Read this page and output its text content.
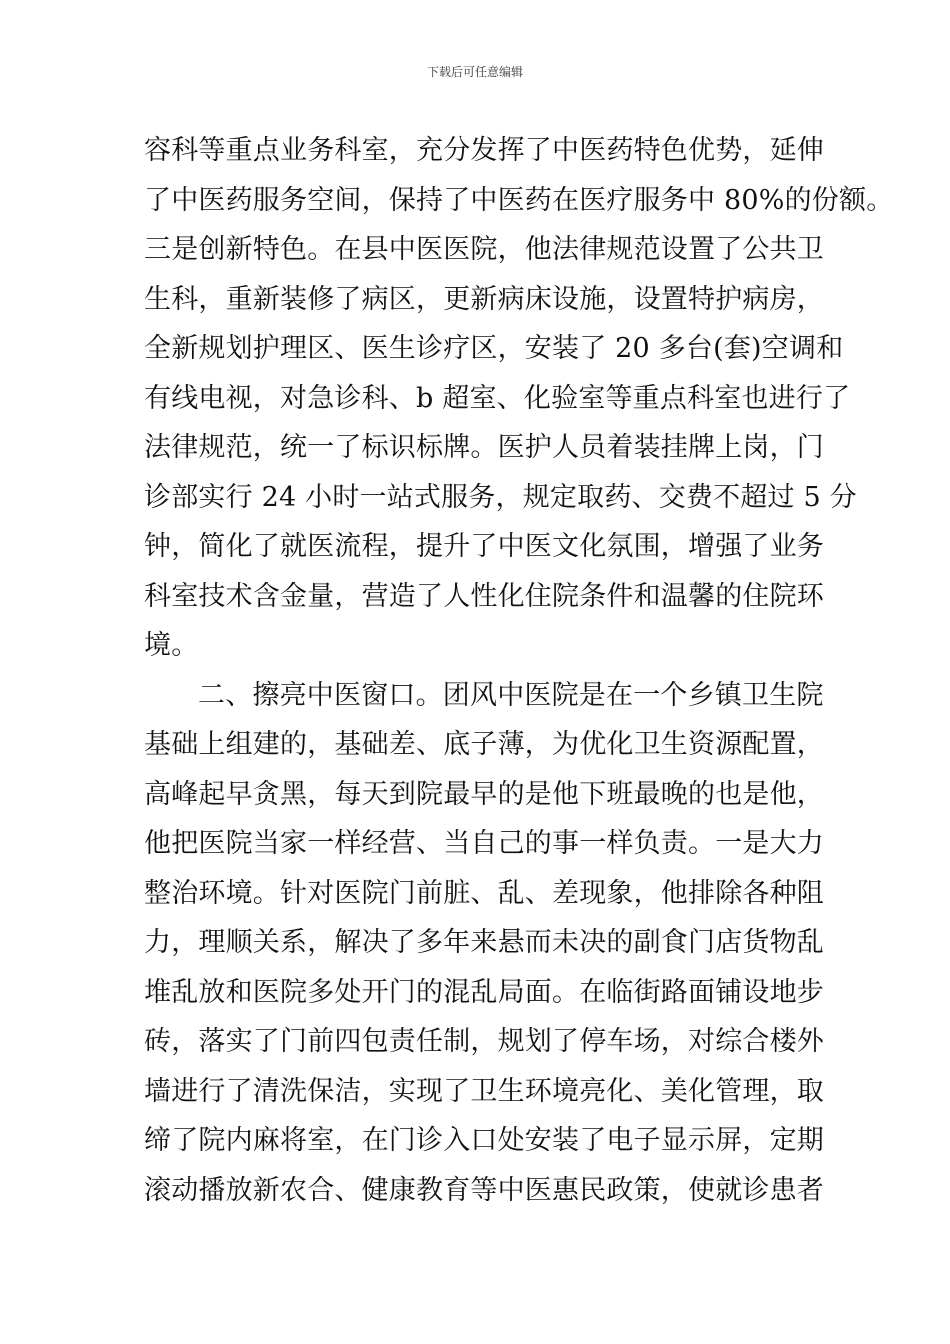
下载后可任意编辑
容科等重点业务科室，充分发挥了中医药特色优势，延伸
了中医药服务空间，保持了中医药在医疗服务中 80%的份额。
三是创新特色。在县中医医院，他法律规范设置了公共卫
生科，重新装修了病区，更新病床设施，设置特护病房，
全新规划护理区、医生诊疗区，安装了 20 多台(套)空调和
有线电视，对急诊科、b 超室、化验室等重点科室也进行了
法律规范，统一了标识标牌。医护人员着装挂牌上岗，门
诊部实行 24 小时一站式服务，规定取药、交费不超过 5 分
钟，简化了就医流程，提升了中医文化氛围，增强了业务
科室技术含金量，营造了人性化住院条件和温馨的住院环
境。
二、擦亮中医窗口。团风中医院是在一个乡镇卫生院
基础上组建的，基础差、底子薄，为优化卫生资源配置，
高峰起早贪黑，每天到院最早的是他下班最晚的也是他，
他把医院当家一样经营、当自己的事一样负责。一是大力
整治环境。针对医院门前脏、乱、差现象，他排除各种阻
力，理顺关系，解决了多年来悬而未决的副食门店货物乱
堆乱放和医院多处开门的混乱局面。在临街路面铺设地步
砖，落实了门前四包责任制，规划了停车场，对综合楼外
墙进行了清洗保洁，实现了卫生环境亮化、美化管理，取
缔了院内麻将室，在门诊入口处安装了电子显示屏，定期
滚动播放新农合、健康教育等中医惠民政策，使就诊患者
